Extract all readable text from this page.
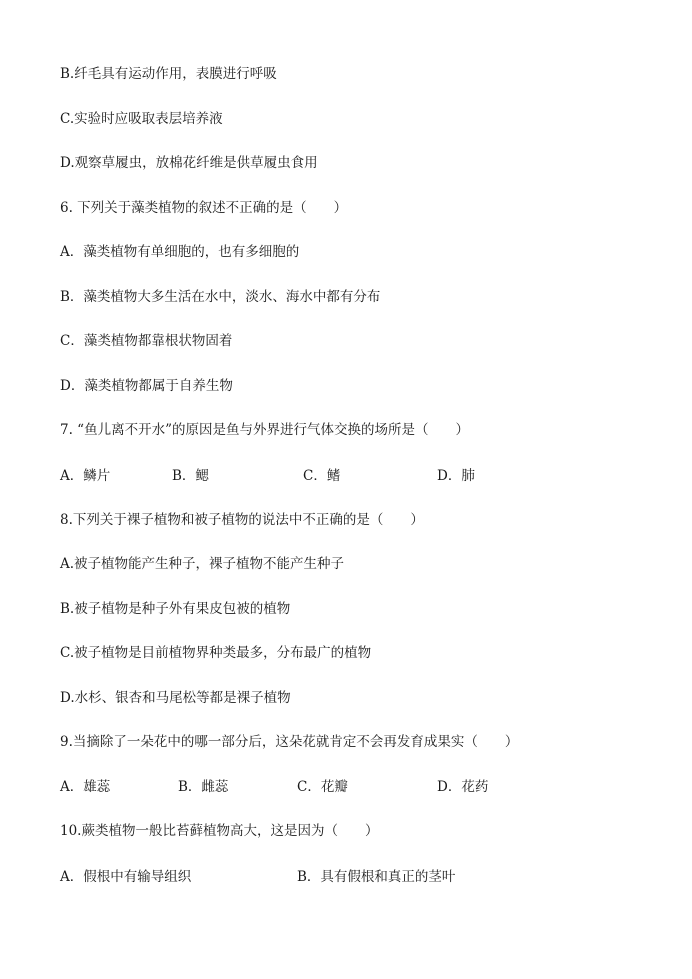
B.纤毛具有运动作用，表膜进行呼吸
C.实验时应吸取表层培养液
D.观察草履虫，放棉花纤维是供草履虫食用
6. 下列关于藻类植物的叙述不正确的是（　　）
A．藻类植物有单细胞的，也有多细胞的
B．藻类植物大多生活在水中，淡水、海水中都有分布
C．藻类植物都靠根状物固着
D．藻类植物都属于自养生物
7. “鱼儿离不开水”的原因是鱼与外界进行气体交换的场所是（　　）
A．鳞片	B．鳃	C．鳍	D．肺
8.下列关于裸子植物和被子植物的说法中不正确的是（　　）
A.被子植物能产生种子，裸子植物不能产生种子
B.被子植物是种子外有果皮包被的植物
C.被子植物是目前植物界种类最多，分布最广的植物
D.水杉、银杏和马尾松等都是裸子植物
9.当摘除了一朵花中的哪一部分后，这朵花就肯定不会再发育成果实（　　）
A．雄蕊	B．雌蕊	C．花瓣	D．花药
10.蕨类植物一般比苔藓植物高大，这是因为（　　）
A．假根中有输导组织	B．具有假根和真正的茎叶
